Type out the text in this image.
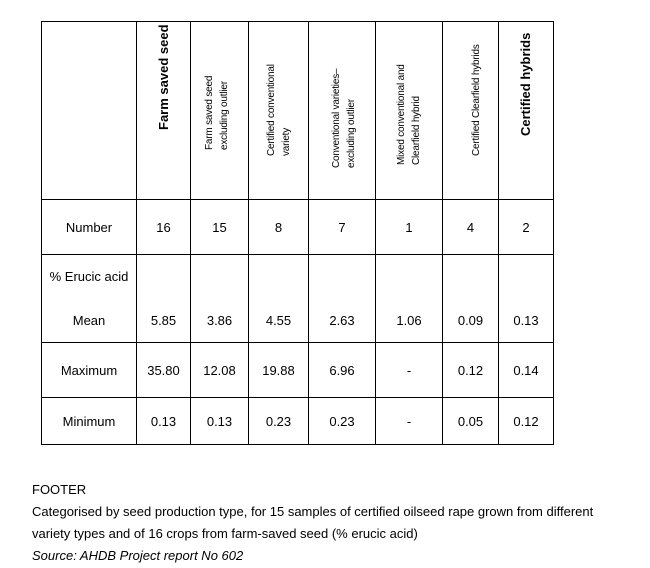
	Farm saved seed	Farm saved seed excluding outlier	Certified conventional variety	Conventional varieties– excluding outlier	Mixed conventional and Clearfield hybrid	Certified Clearfield hybrids	Certified hybrids

Number	16	15	8	7	1	4	2

% Erucic acid							

Mean	5.85	3.86	4.55	2.63	1.06	0.09	0.13

Maximum	35.80	12.08	19.88	6.96	-	0.12	0.14
Minimum	0.13	0.13	0.23	0.23	-	0.05	0.12
FOOTER
Categorised by seed production type, for 15 samples of certified oilseed rape grown from different
variety types and of 16 crops from farm-saved seed (% erucic acid)
Source: AHDB Project report No 602
